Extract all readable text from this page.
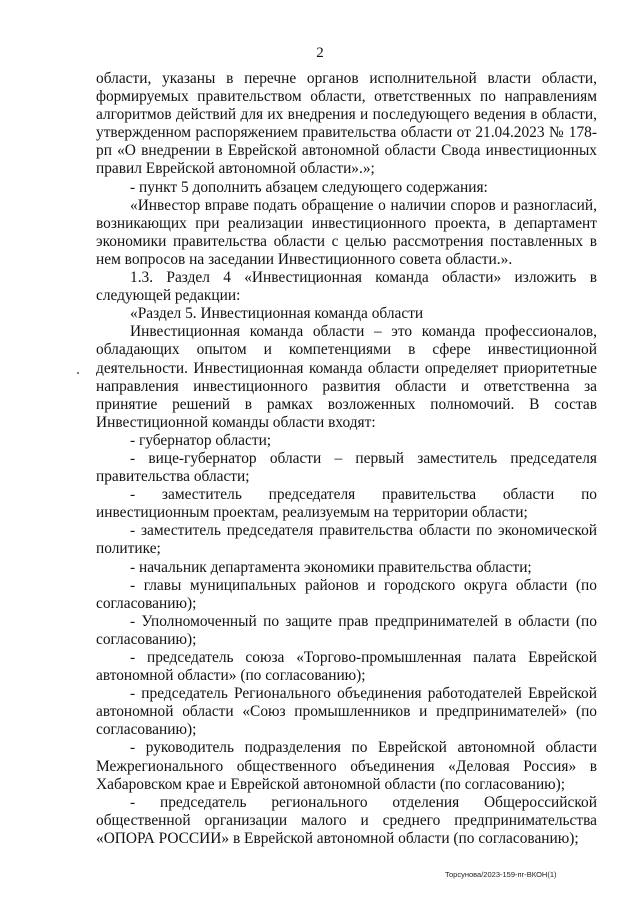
2

области, указаны в перечне органов исполнительной власти области, формируемых правительством области, ответственных по направлениям алгоритмов действий для их внедрения и последующего ведения в области, утвержденном распоряжением правительства области от 21.04.2023 № 178-рп «О внедрении в Еврейской автономной области Свода инвестиционных правил Еврейской автономной области».»;

- пункт 5 дополнить абзацем следующего содержания:

«Инвестор вправе подать обращение о наличии споров и разногласий, возникающих при реализации инвестиционного проекта, в департамент экономики правительства области с целью рассмотрения поставленных в нем вопросов на заседании Инвестиционного совета области.».

1.3. Раздел 4 «Инвестиционная команда области» изложить в следующей редакции:

«Раздел 5. Инвестиционная команда области

Инвестиционная команда области – это команда профессионалов, обладающих опытом и компетенциями в сфере инвестиционной деятельности. Инвестиционная команда области определяет приоритетные направления инвестиционного развития области и ответственна за принятие решений в рамках возложенных полномочий. В состав Инвестиционной команды области входят:

- губернатор области;

- вице-губернатор области – первый заместитель председателя правительства области;

- заместитель председателя правительства области по инвестиционным проектам, реализуемым на территории области;

- заместитель председателя правительства области по экономической политике;

- начальник департамента экономики правительства области;

- главы муниципальных районов и городского округа области (по согласованию);

- Уполномоченный по защите прав предпринимателей в области (по согласованию);

- председатель союза «Торгово-промышленная палата Еврейской автономной области» (по согласованию);

- председатель Регионального объединения работодателей Еврейской автономной области «Союз промышленников и предпринимателей» (по согласованию);

- руководитель подразделения по Еврейской автономной области Межрегионального общественного объединения «Деловая Россия» в Хабаровском крае и Еврейской автономной области (по согласованию);

- председатель регионального отделения Общероссийской общественной организации малого и среднего предпринимательства «ОПОРА РОССИИ» в Еврейской автономной области (по согласованию);

Торсунова/2023-159-пг-ВКОН(1)
